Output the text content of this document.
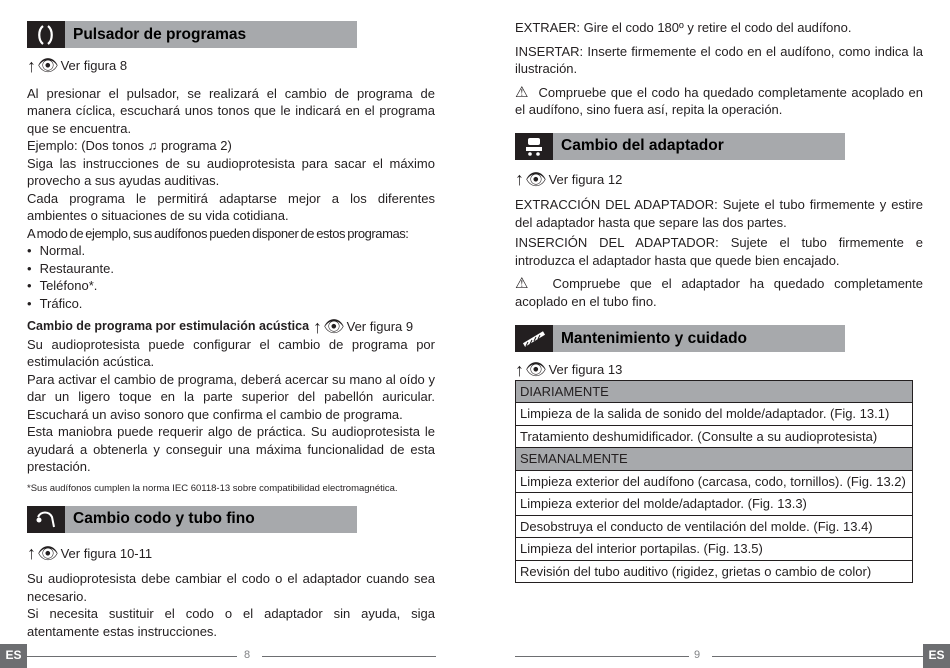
Pulsador de programas
↑ 👁 Ver figura 8

Al presionar el pulsador, se realizará el cambio de programa de manera cíclica, escuchará unos tonos que le indicará en el programa que se encuentra.

Ejemplo: (Dos tonos ♫ programa 2)

Siga las instrucciones de su audioprotesista para sacar el máximo provecho a sus ayudas auditivas.

Cada programa le permitirá adaptarse mejor a los diferentes ambientes o situaciones de su vida cotidiana.

A modo de ejemplo, sus audífonos pueden disponer de estos programas:

• Normal.
• Restaurante.
• Teléfono*.
• Tráfico.
Cambio de programa por estimulación acústica ↑ 👁 Ver figura 9

Su audioprotesista puede configurar el cambio de programa por estimulación acústica.

Para activar el cambio de programa, deberá acercar su mano al oído y dar un ligero toque en la parte superior del pabellón auricular. Escuchará un aviso sonoro que confirma el cambio de programa.

Esta maniobra puede requerir algo de práctica. Su audioprotesista le ayudará a obtenerla y conseguir una máxima funcionalidad de esta prestación.

*Sus audífonos cumplen la norma IEC 60118-13 sobre compatibilidad electromagnética.

Cambio codo y tubo fino
↑ 👁 Ver figura 10-11

Su audioprotesista debe cambiar el codo o el adaptador cuando sea necesario.

Si necesita sustituir el codo o el adaptador sin ayuda, siga atentamente estas instrucciones.

EXTRAER: Gire el codo 180º y retire el codo del audífono.

INSERTAR: Inserte firmemente el codo en el audífono, como indica la ilustración.

⚠ Compruebe que el codo ha quedado completamente acoplado en el audífono, sino fuera así, repita la operación.

Cambio del adaptador
↑ 👁 Ver figura 12

EXTRACCIÓN DEL ADAPTADOR: Sujete el tubo firmemente y estire del adaptador hasta que separe las dos partes.

INSERCIÓN DEL ADAPTADOR: Sujete el tubo firmemente e introduzca el adaptador hasta que quede bien encajado.

⚠ Compruebe que el adaptador ha quedado completamente acoplado en el tubo fino.

Mantenimiento y cuidado
↑ 👁 Ver figura 13
DIARIAMENTE
Limpieza de la salida de sonido del molde/adaptador. (Fig. 13.1)
Tratamiento deshumidificador. (Consulte a su audioprotesista)
SEMANALMENTE
Limpieza exterior del audífono (carcasa, codo, tornillos). (Fig. 13.2)
Limpieza exterior del molde/adaptador. (Fig. 13.3)
Desobstruya el conducto de ventilación del molde. (Fig. 13.4)
Limpieza del interior portapilas. (Fig. 13.5)
Revisión del tubo auditivo (rigidez, grietas o cambio de color)
ES	8	9	ES
